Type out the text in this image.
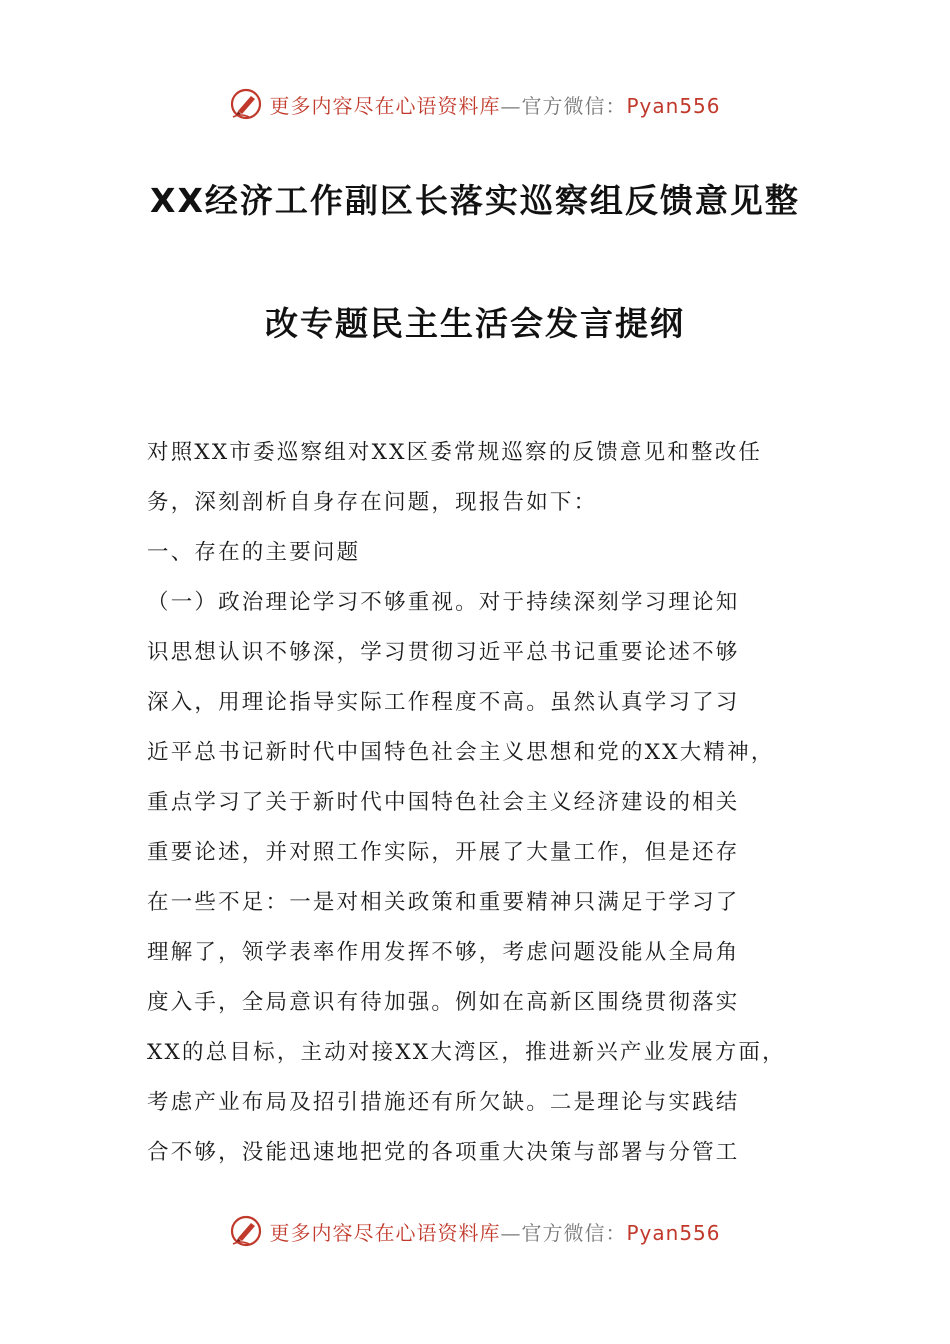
更多内容尽在心语资料库—官方微信：Pyan556
XX经济工作副区长落实巡察组反馈意见整
改专题民主生活会发言提纲
对照XX市委巡察组对XX区委常规巡察的反馈意见和整改任
务，深刻剖析自身存在问题，现报告如下：
一、存在的主要问题
（一）政治理论学习不够重视。对于持续深刻学习理论知
识思想认识不够深，学习贯彻习近平总书记重要论述不够
深入，用理论指导实际工作程度不高。虽然认真学习了习
近平总书记新时代中国特色社会主义思想和党的XX大精神，
重点学习了关于新时代中国特色社会主义经济建设的相关
重要论述，并对照工作实际，开展了大量工作，但是还存
在一些不足：一是对相关政策和重要精神只满足于学习了
理解了，领学表率作用发挥不够，考虑问题没能从全局角
度入手，全局意识有待加强。例如在高新区围绕贯彻落实
XX的总目标，主动对接XX大湾区，推进新兴产业发展方面，
考虑产业布局及招引措施还有所欠缺。二是理论与实践结
合不够，没能迅速地把党的各项重大决策与部署与分管工
更多内容尽在心语资料库—官方微信：Pyan556
